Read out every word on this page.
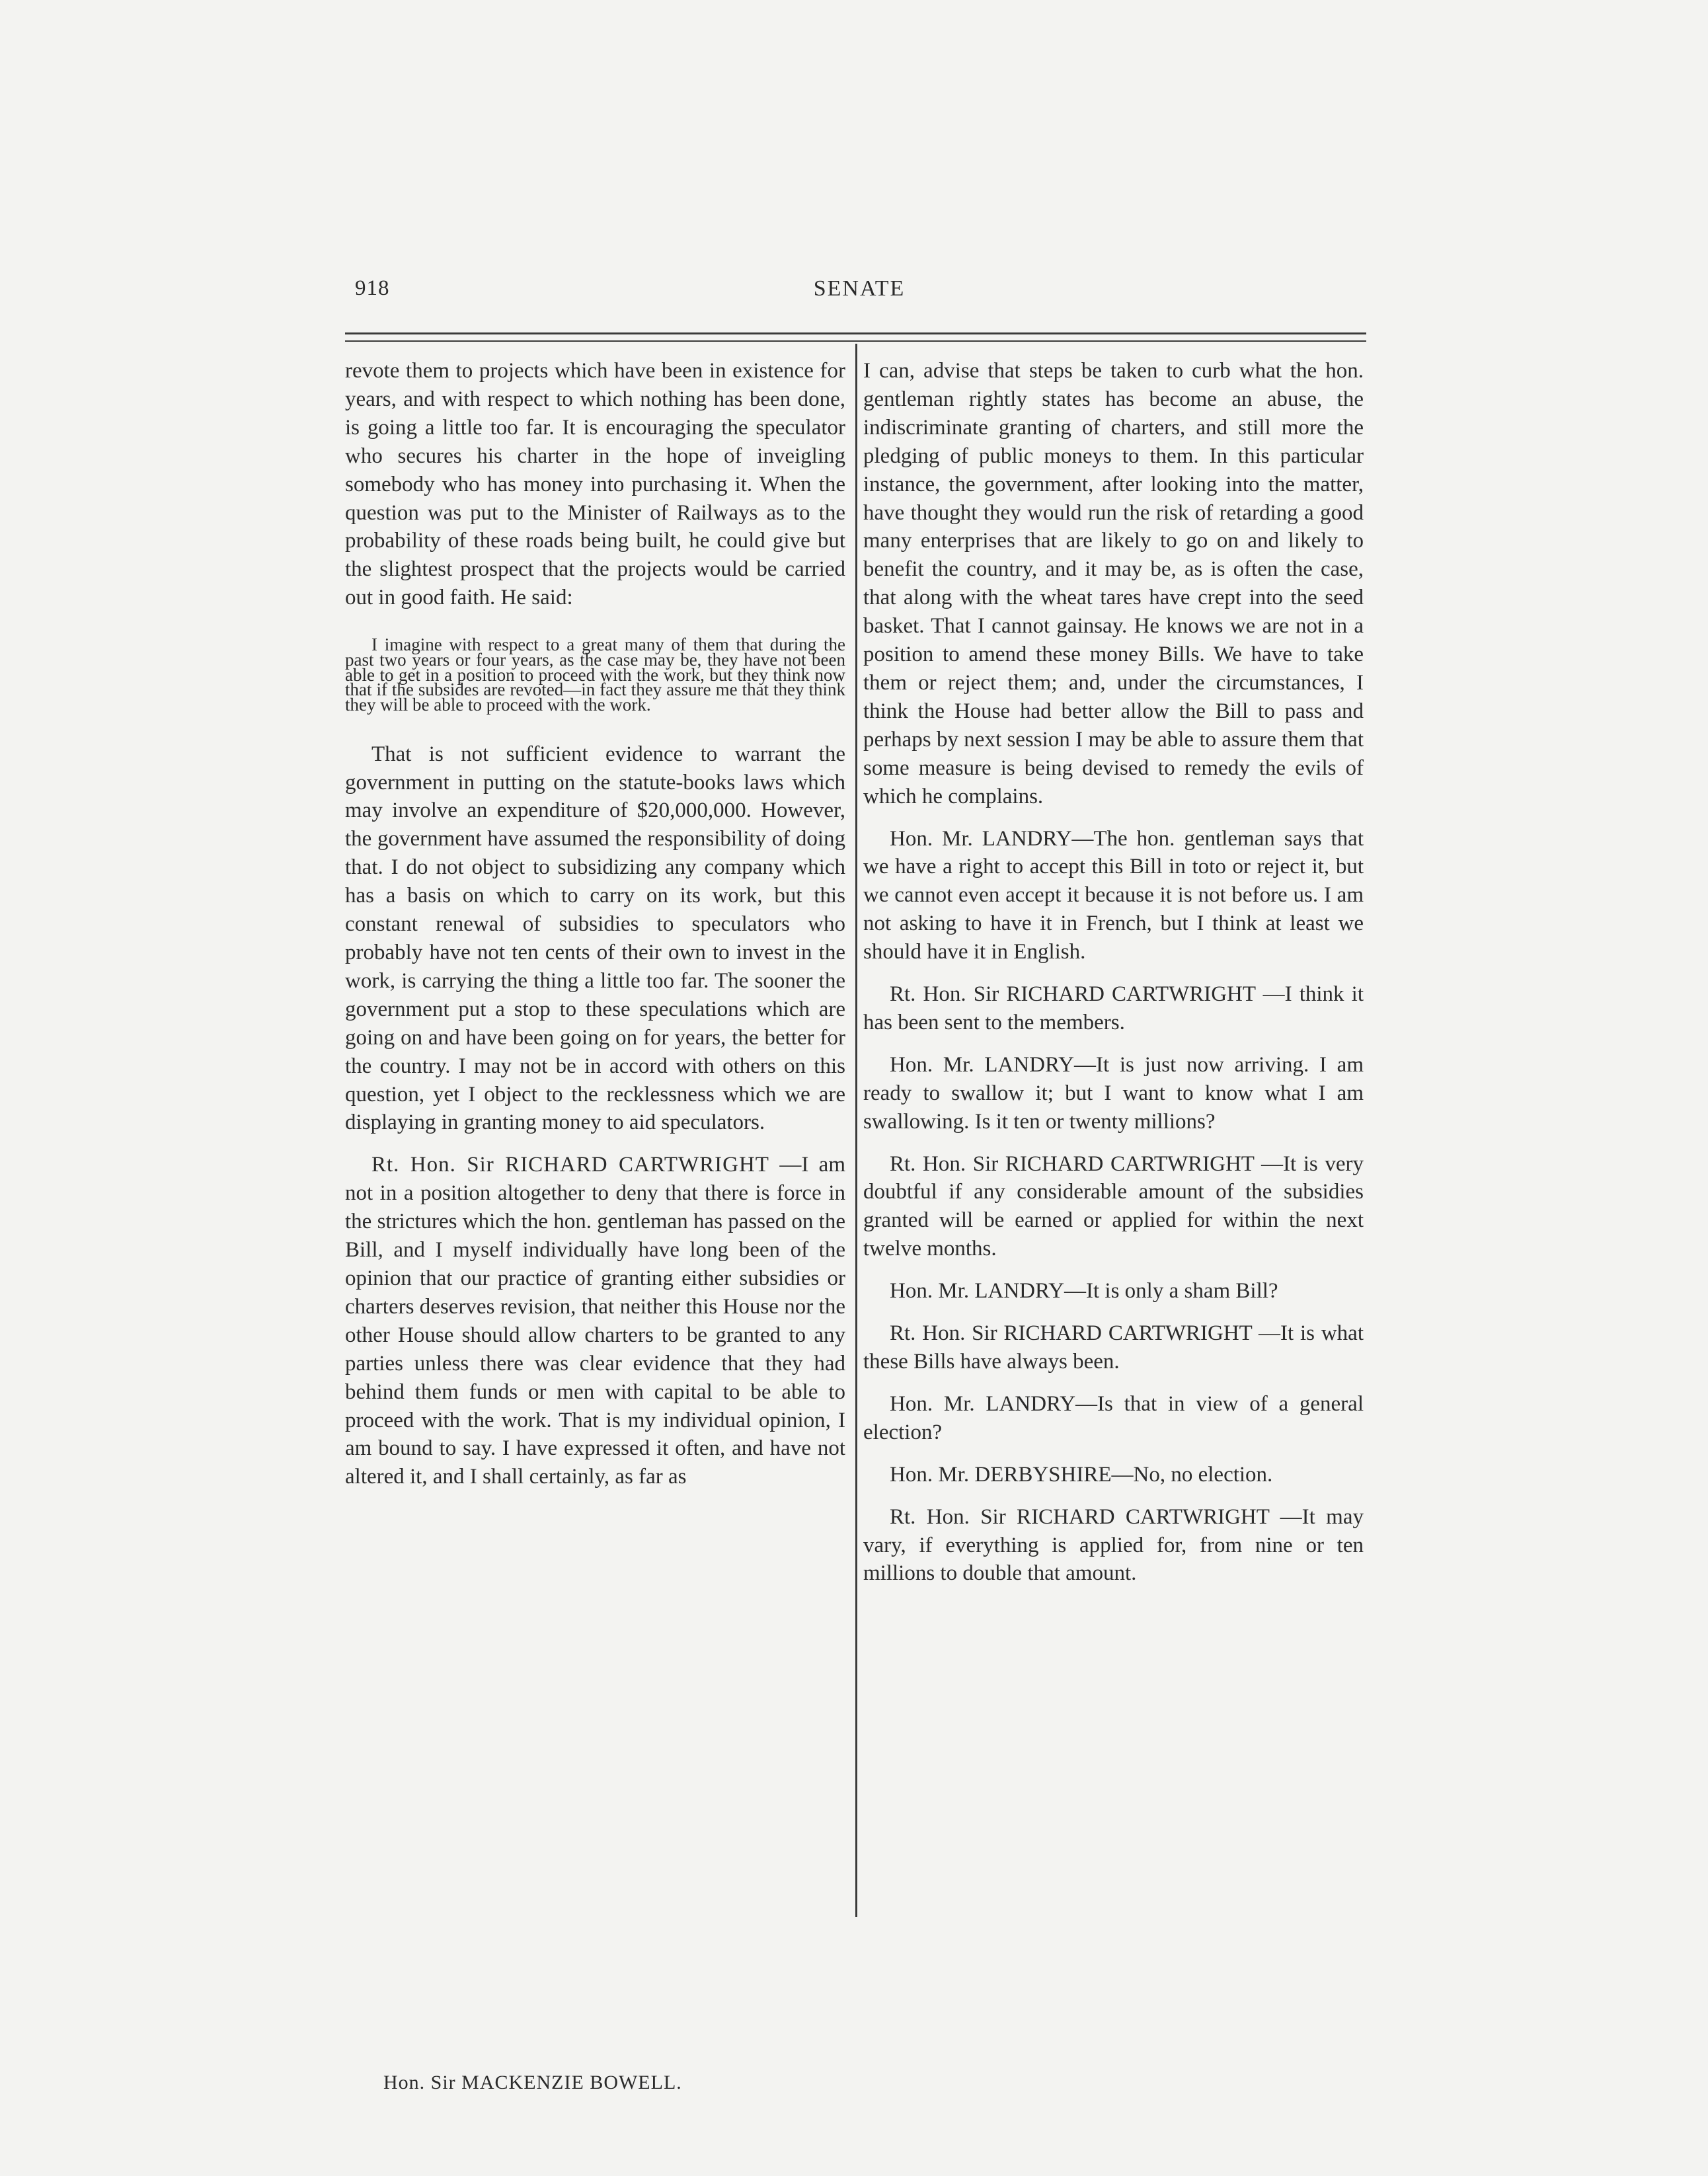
918	SENATE

revote them to projects which have been in existence for years, and with respect to which nothing has been done, is going a little too far. It is encouraging the speculator who secures his charter in the hope of inveigling somebody who has money into purchasing it. When the question was put to the Minister of Railways as to the probability of these roads being built, he could give but the slightest prospect that the projects would be carried out in good faith. He said:

I imagine with respect to a great many of them that during the past two years or four years, as the case may be, they have not been able to get in a position to proceed with the work, but they think now that if the subsides are revoted—in fact they assure me that they think they will be able to proceed with the work.

That is not sufficient evidence to warrant the government in putting on the statute-books laws which may involve an expenditure of $20,000,000. However, the government have assumed the responsibility of doing that. I do not object to subsidizing any company which has a basis on which to carry on its work, but this constant renewal of subsidies to speculators who probably have not ten cents of their own to invest in the work, is carrying the thing a little too far. The sooner the government put a stop to these speculations which are going on and have been going on for years, the better for the country. I may not be in accord with others on this question, yet I object to the recklessness which we are displaying in granting money to aid speculators.

Rt. Hon. Sir RICHARD CARTWRIGHT —I am not in a position altogether to deny that there is force in the strictures which the hon. gentleman has passed on the Bill, and I myself individually have long been of the opinion that our practice of granting either subsidies or charters deserves revision, that neither this House nor the other House should allow charters to be granted to any parties unless there was clear evidence that they had behind them funds or men with capital to be able to proceed with the work. That is my individual opinion, I am bound to say. I have expressed it often, and have not altered it, and I shall certainly, as far as

I can, advise that steps be taken to curb what the hon. gentleman rightly states has become an abuse, the indiscriminate granting of charters, and still more the pledging of public moneys to them. In this particular instance, the government, after looking into the matter, have thought they would run the risk of retarding a good many enterprises that are likely to go on and likely to benefit the country, and it may be, as is often the case, that along with the wheat tares have crept into the seed basket. That I cannot gainsay. He knows we are not in a position to amend these money Bills. We have to take them or reject them; and, under the circumstances, I think the House had better allow the Bill to pass and perhaps by next session I may be able to assure them that some measure is being devised to remedy the evils of which he complains.

Hon. Mr. LANDRY—The hon. gentleman says that we have a right to accept this Bill in toto or reject it, but we cannot even accept it because it is not before us. I am not asking to have it in French, but I think at least we should have it in English.

Rt. Hon. Sir RICHARD CARTWRIGHT —I think it has been sent to the members.

Hon. Mr. LANDRY—It is just now arriving. I am ready to swallow it; but I want to know what I am swallowing. Is it ten or twenty millions?

Rt. Hon. Sir RICHARD CARTWRIGHT —It is very doubtful if any considerable amount of the subsidies granted will be earned or applied for within the next twelve months.

Hon. Mr. LANDRY—It is only a sham Bill?

Rt. Hon. Sir RICHARD CARTWRIGHT —It is what these Bills have always been.

Hon. Mr. LANDRY—Is that in view of a general election?

Hon. Mr. DERBYSHIRE—No, no election.

Rt. Hon. Sir RICHARD CARTWRIGHT —It may vary, if everything is applied for, from nine or ten millions to double that amount.

Hon. Sir MACKENZIE BOWELL.
